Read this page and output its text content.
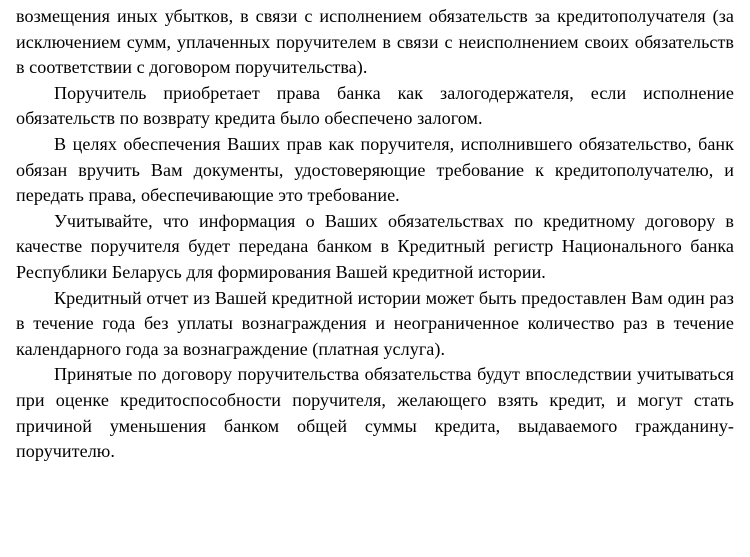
возмещения иных убытков, в связи с исполнением обязательств за кредитополучателя (за исключением сумм, уплаченных поручителем в связи с неисполнением своих обязательств в соответствии с договором поручительства).

Поручитель приобретает права банка как залогодержателя, если исполнение обязательств по возврату кредита было обеспечено залогом.

В целях обеспечения Ваших прав как поручителя, исполнившего обязательство, банк обязан вручить Вам документы, удостоверяющие требование к кредитополучателю, и передать права, обеспечивающие это требование.

Учитывайте, что информация о Ваших обязательствах по кредитному договору в качестве поручителя будет передана банком в Кредитный регистр Национального банка Республики Беларусь для формирования Вашей кредитной истории.

Кредитный отчет из Вашей кредитной истории может быть предоставлен Вам один раз в течение года без уплаты вознаграждения и неограниченное количество раз в течение календарного года за вознаграждение (платная услуга).

Принятые по договору поручительства обязательства будут впоследствии учитываться при оценке кредитоспособности поручителя, желающего взять кредит, и могут стать причиной уменьшения банком общей суммы кредита, выдаваемого гражданину-поручителю.
